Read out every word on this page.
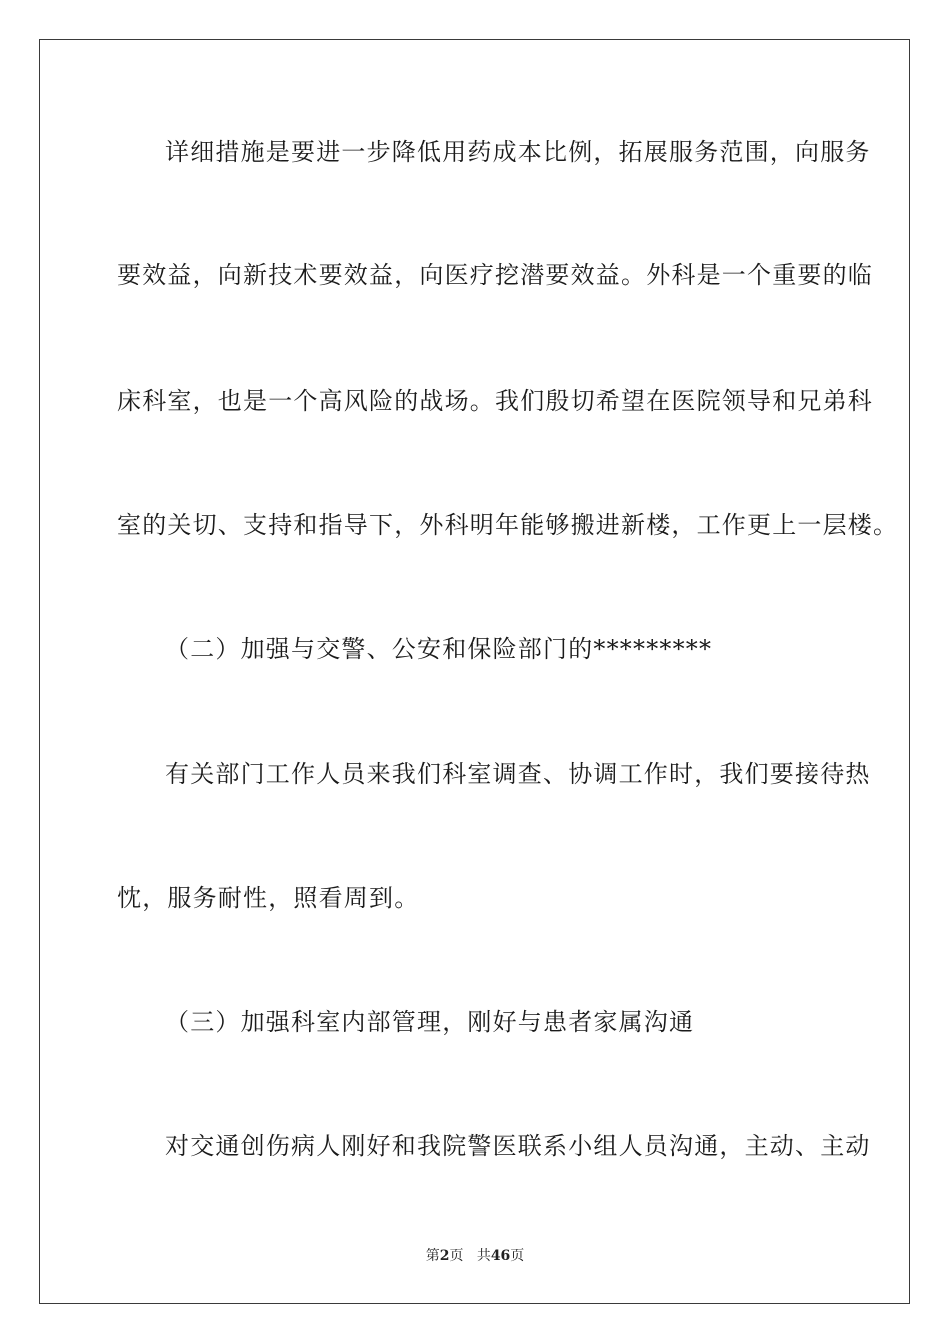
详细措施是要进一步降低用药成本比例，拓展服务范围，向服务
要效益，向新技术要效益，向医疗挖潜要效益。外科是一个重要的临
床科室，也是一个高风险的战场。我们殷切希望在医院领导和兄弟科
室的关切、支持和指导下，外科明年能够搬进新楼，工作更上一层楼。
（二）加强与交警、公安和保险部门的*********
有关部门工作人员来我们科室调查、协调工作时，我们要接待热
忱，服务耐性，照看周到。
（三）加强科室内部管理，刚好与患者家属沟通
对交通创伤病人刚好和我院警医联系小组人员沟通，主动、主动
第2页 共46页
